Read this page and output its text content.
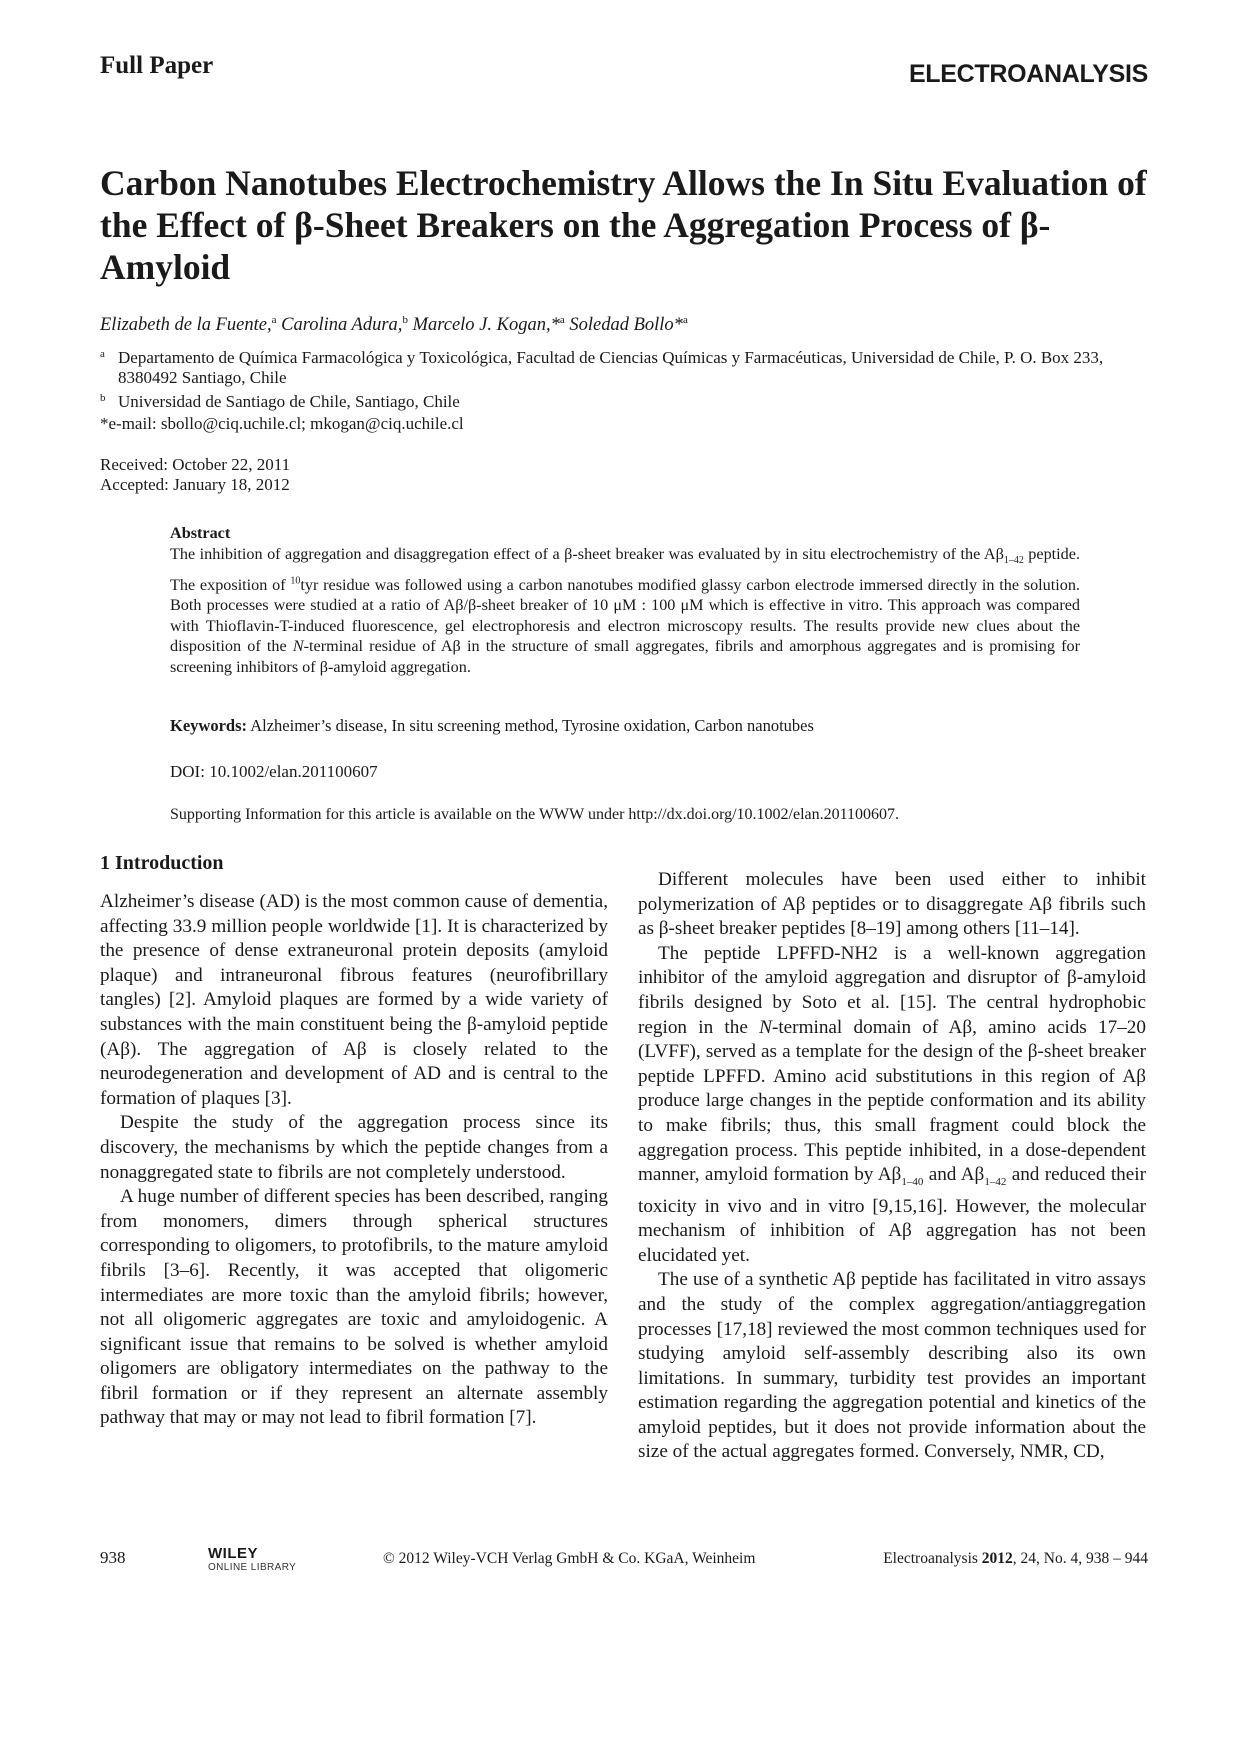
Full Paper	ELECTROANALYSIS
Carbon Nanotubes Electrochemistry Allows the In Situ Evaluation of the Effect of β-Sheet Breakers on the Aggregation Process of β-Amyloid
Elizabeth de la Fuente,$^a$ Carolina Adura,$^b$ Marcelo J. Kogan,*$^a$ Soledad Bollo*$^a$
a Departamento de Química Farmacológica y Toxicológica, Facultad de Ciencias Químicas y Farmacéuticas, Universidad de Chile, P. O. Box 233, 8380492 Santiago, Chile
b Universidad de Santiago de Chile, Santiago, Chile
*e-mail: sbollo@ciq.uchile.cl; mkogan@ciq.uchile.cl
Received: October 22, 2011
Accepted: January 18, 2012
Abstract
The inhibition of aggregation and disaggregation effect of a β-sheet breaker was evaluated by in situ electrochemistry of the $A\beta_{1-42}$ peptide. The exposition of $^{10}$tyr residue was followed using a carbon nanotubes modified glassy carbon electrode immersed directly in the solution. Both processes were studied at a ratio of Aβ/β-sheet breaker of 10 μM : 100 μM which is effective in vitro. This approach was compared with Thioflavin-T-induced fluorescence, gel electrophoresis and electron microscopy results. The results provide new clues about the disposition of the N-terminal residue of Aβ in the structure of small aggregates, fibrils and amorphous aggregates and is promising for screening inhibitors of β-amyloid aggregation.
Keywords: Alzheimer’s disease, In situ screening method, Tyrosine oxidation, Carbon nanotubes
DOI: 10.1002/elan.201100607
Supporting Information for this article is available on the WWW under http://dx.doi.org/10.1002/elan.201100607.
1 Introduction

Alzheimer’s disease (AD) is the most common cause of dementia, affecting 33.9 million people worldwide [1]. It is characterized by the presence of dense extraneuronal protein deposits (amyloid plaque) and intraneuronal fibrous features (neurofibrillary tangles) [2]. Amyloid plaques are formed by a wide variety of substances with the main constituent being the β-amyloid peptide (Aβ). The aggregation of Aβ is closely related to the neurodegeneration and development of AD and is central to the formation of plaques [3].

Despite the study of the aggregation process since its discovery, the mechanisms by which the peptide changes from a nonaggregated state to fibrils are not completely understood.

A huge number of different species has been described, ranging from monomers, dimers through spherical structures corresponding to oligomers, to protofibrils, to the mature amyloid fibrils [3–6]. Recently, it was accepted that oligomeric intermediates are more toxic than the amyloid fibrils; however, not all oligomeric aggregates are toxic and amyloidogenic. A significant issue that remains to be solved is whether amyloid oligomers are obligatory intermediates on the pathway to the fibril formation or if they represent an alternate assembly pathway that may or may not lead to fibril formation [7].

Different molecules have been used either to inhibit polymerization of Aβ peptides or to disaggregate Aβ fibrils such as β-sheet breaker peptides [8–19] among others [11–14].

The peptide LPFFD-NH2 is a well-known aggregation inhibitor of the amyloid aggregation and disruptor of β-amyloid fibrils designed by Soto et al. [15]. The central hydrophobic region in the N-terminal domain of Aβ, amino acids 17–20 (LVFF), served as a template for the design of the β-sheet breaker peptide LPFFD. Amino acid substitutions in this region of Aβ produce large changes in the peptide conformation and its ability to make fibrils; thus, this small fragment could block the aggregation process. This peptide inhibited, in a dose-dependent manner, amyloid formation by $A\beta_{1-40}$ and $A\beta_{1-42}$ and reduced their toxicity in vivo and in vitro [9,15,16]. However, the molecular mechanism of inhibition of Aβ aggregation has not been elucidated yet.

The use of a synthetic Aβ peptide has facilitated in vitro assays and the study of the complex aggregation/antiaggregation processes [17,18] reviewed the most common techniques used for studying amyloid self-assembly describing also its own limitations. In summary, turbidity test provides an important estimation regarding the aggregation potential and kinetics of the amyloid peptides, but it does not provide information about the size of the actual aggregates formed. Conversely, NMR, CD,

938	WILEY
ONLINE LIBRARY
© 2012 Wiley-VCH Verlag GmbH & Co. KGaA, Weinheim	Electroanalysis 2012, 24, No. 4, 938 – 944
